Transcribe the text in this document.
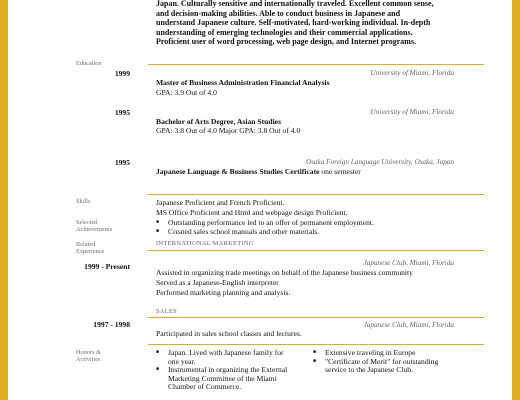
Japan. Culturally sensitive and internationally traveled. Excellent common sense,
and decision-making abilities. Able to conduct business in Japanese and
understand Japanese culture. Self-motivated, hard-working individual. In-depth
understanding of emerging technologies and their commercial applications.
Proficient user of word processing, web page design, and Internet programs.
Education
1999	University of Miami, Florida
Master of Business Administration Financial Analysis
GPA: 3.9 Out of 4.0
1995	University of Miami, Florida
Bachelor of Arts Degree, Asian Studies
GPA: 3.8 Out of 4.0 Major GPA: 3.8 Out of 4.0
1995	Osaka Foreign Language University, Osaka, Japan
Japanese Language & Business Studies Certificate one semester
Skills	Japanese Proficient and French Proficient.
MS Office Proficient and Html and webpage design Proficient.
Selected
Achievements
■ Outstanding performance led to an offer of permanent employment.
■ Created sales school manuals and other materials.
Related
Experience
INTERNATIONAL MARKETING
1999 - Present	Japanese Club, Miami, Florida
Assisted in organizing trade meetings on behalf of the Japanese business community
Served as a Japanese-English interpreter
Performed marketing planning and analysis.
SALES
1997 - 1998	Japanese Club, Miami, Florida
Participated in sales school classes and lectures.
Honors &
Activities
■ Japan. Lived with Japanese family for
one year.
■ Instrumental in organizing the External
Marketing Committee of the Miami
Chamber of Commerce.
■ Extensive traveling in Europe
■ "Certificate of Merit" for outstanding
service to the Japanese Club.
